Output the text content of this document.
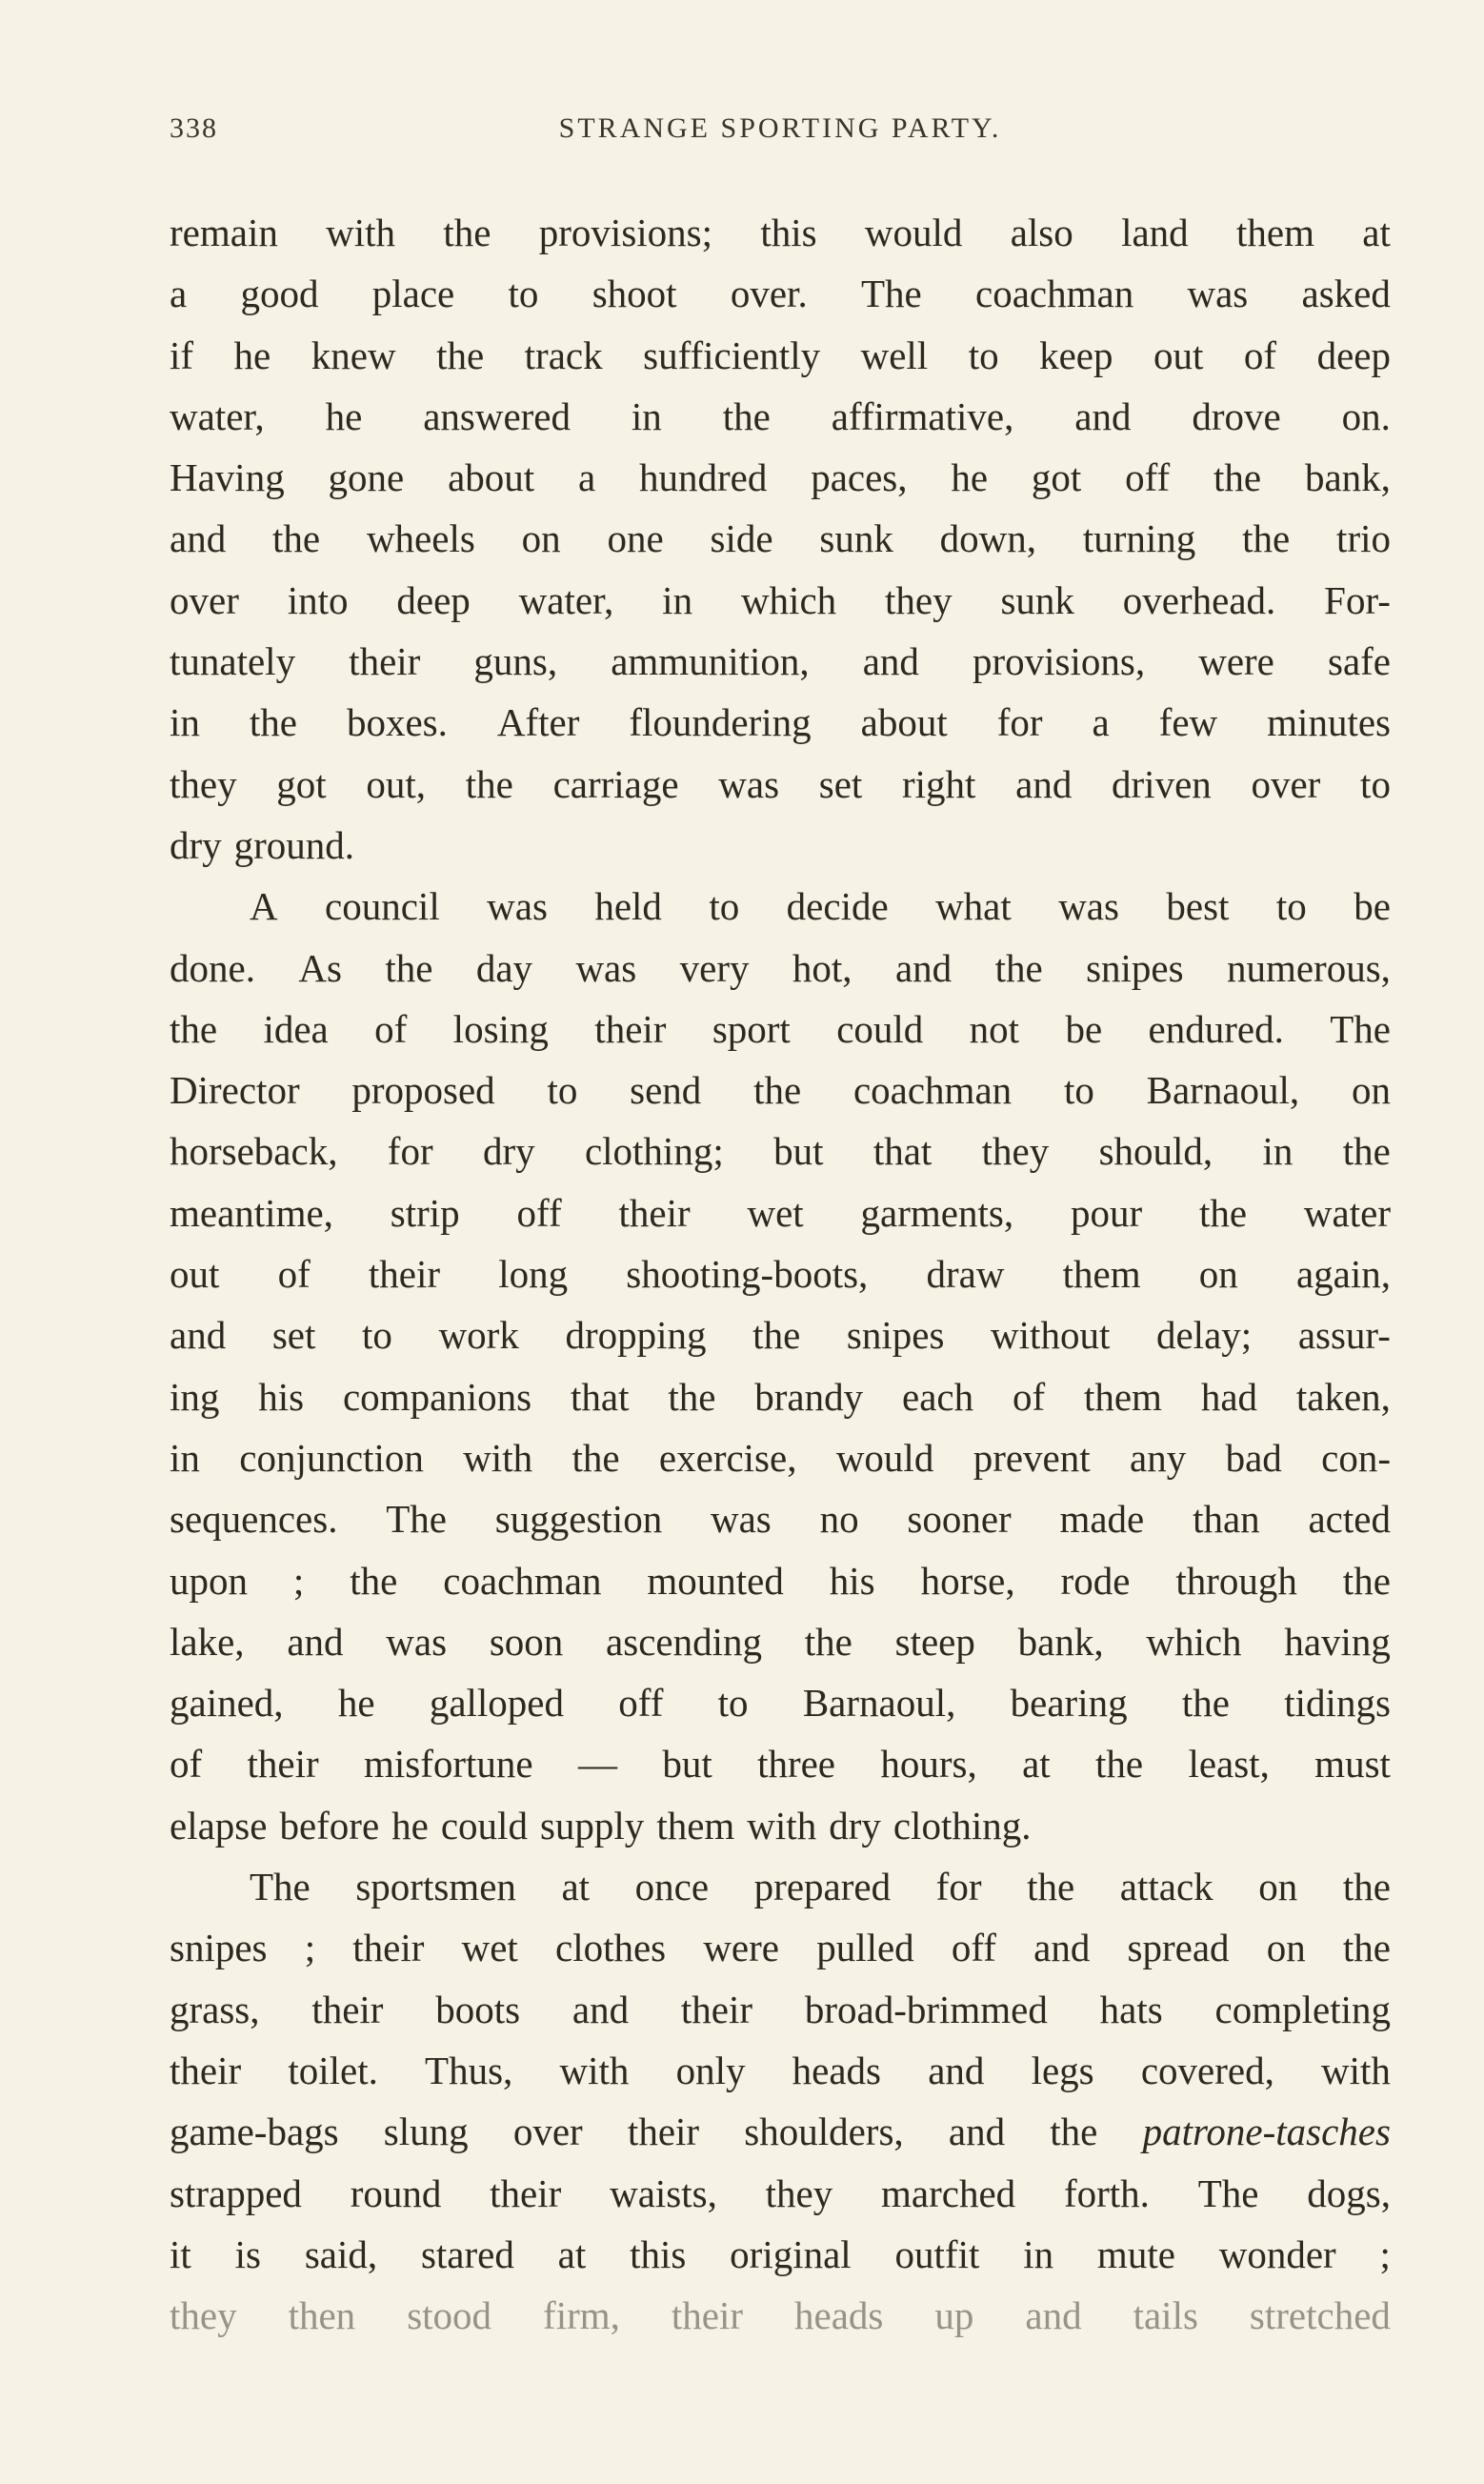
338	STRANGE SPORTING PARTY.
remain with the provisions; this would also land them at
a good place to shoot over. The coachman was asked
if he knew the track sufficiently well to keep out of deep
water, he answered in the affirmative, and drove on.
Having gone about a hundred paces, he got off the bank,
and the wheels on one side sunk down, turning the trio
over into deep water, in which they sunk overhead. For-
tunately their guns, ammunition, and provisions, were safe
in the boxes. After floundering about for a few minutes
they got out, the carriage was set right and driven over to
dry ground.
A council was held to decide what was best to be
done. As the day was very hot, and the snipes numerous,
the idea of losing their sport could not be endured. The
Director proposed to send the coachman to Barnaoul, on
horseback, for dry clothing; but that they should, in the
meantime, strip off their wet garments, pour the water
out of their long shooting-boots, draw them on again,
and set to work dropping the snipes without delay; assur-
ing his companions that the brandy each of them had taken,
in conjunction with the exercise, would prevent any bad con-
sequences. The suggestion was no sooner made than acted
upon ; the coachman mounted his horse, rode through the
lake, and was soon ascending the steep bank, which having
gained, he galloped off to Barnaoul, bearing the tidings
of their misfortune — but three hours, at the least, must
elapse before he could supply them with dry clothing.
The sportsmen at once prepared for the attack on the
snipes ; their wet clothes were pulled off and spread on the
grass, their boots and their broad-brimmed hats completing
their toilet. Thus, with only heads and legs covered, with
game-bags slung over their shoulders, and the patrone-tasches
strapped round their waists, they marched forth. The dogs,
it is said, stared at this original outfit in mute wonder ;
they then stood firm, their heads up and tails stretched
